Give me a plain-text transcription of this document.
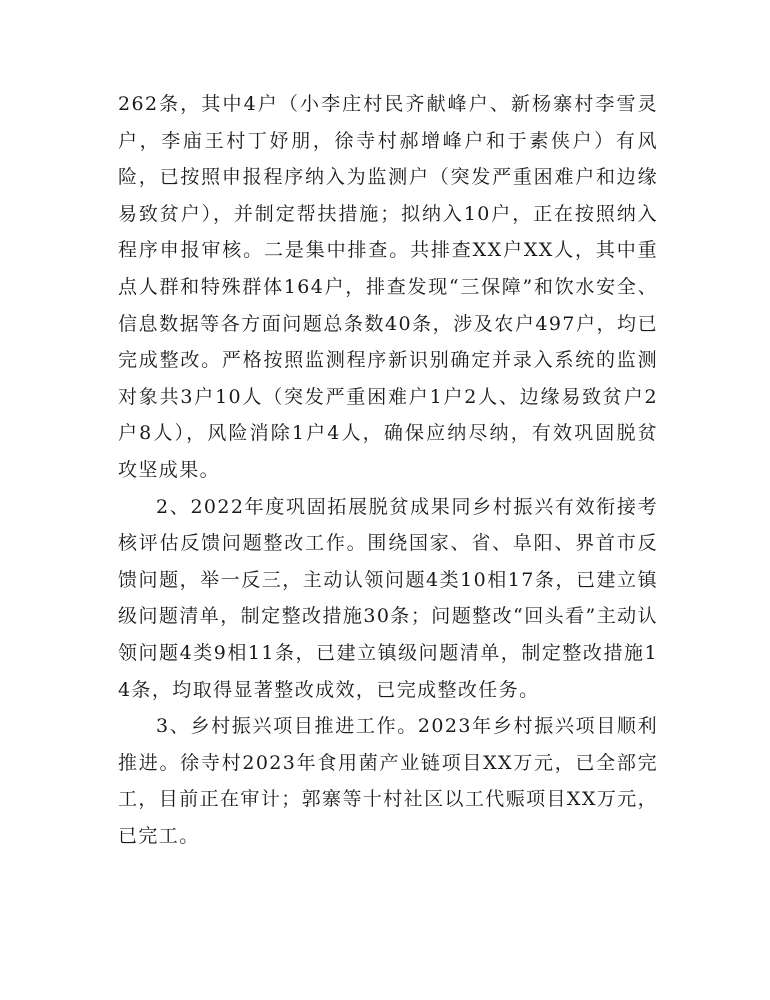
262条，其中4户（小李庄村民齐献峰户、新杨寨村李雪灵户，李庙王村丁妤朋，徐寺村郝增峰户和于素侠户）有风险，已按照申报程序纳入为监测户（突发严重困难户和边缘易致贫户），并制定帮扶措施；拟纳入10户，正在按照纳入程序申报审核。二是集中排查。共排查XX户XX人，其中重点人群和特殊群体164户，排查发现“三保障”和饮水安全、信息数据等各方面问题总条数40条，涉及农户497户，均已完成整改。严格按照监测程序新识别确定并录入系统的监测对象共3户10人（突发严重困难户1户2人、边缘易致贫户2户8人），风险消除1户4人，确保应纳尽纳，有效巩固脱贫攻坚成果。

2、2022年度巩固拓展脱贫成果同乡村振兴有效衔接考核评估反馈问题整改工作。围绕国家、省、阜阳、界首市反馈问题，举一反三，主动认领问题4类10相17条，已建立镇级问题清单，制定整改措施30条；问题整改“回头看”主动认领问题4类9相11条，已建立镇级问题清单，制定整改措施14条，均取得显著整改成效，已完成整改任务。

3、乡村振兴项目推进工作。2023年乡村振兴项目顺利推进。徐寺村2023年食用菌产业链项目XX万元，已全部完工，目前正在审计；郭寨等十村社区以工代赈项目XX万元，已完工。
